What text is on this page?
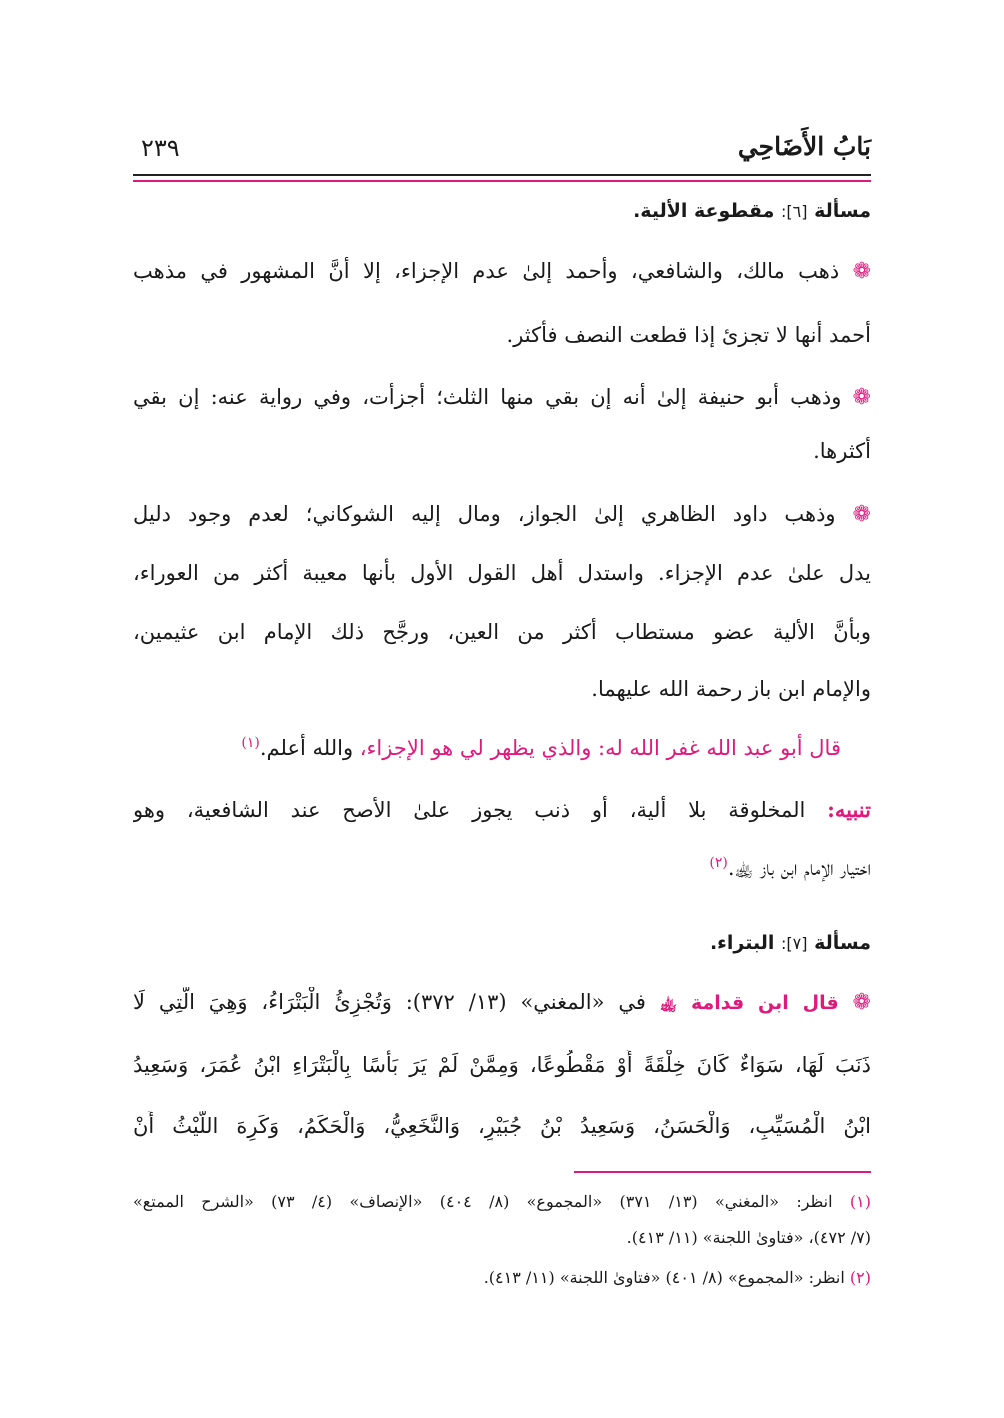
بَابُ الأَضَاحِي
٢٣٩
مسألة [٦]: مقطوعة الألية.
❁ ذهب مالك، والشافعي، وأحمد إلىٰ عدم الإجزاء، إلا أنَّ المشهور في مذهب
أحمد أنها لا تجزئ إذا قطعت النصف فأكثر.
❁ وذهب أبو حنيفة إلىٰ أنه إن بقي منها الثلث؛ أجزأت، وفي رواية عنه: إن بقي
أكثرها.
❁ وذهب داود الظاهري إلىٰ الجواز، ومال إليه الشوكاني؛ لعدم وجود دليل
يدل علىٰ عدم الإجزاء. واستدل أهل القول الأول بأنها معيبة أكثر من العوراء،
وبأنَّ الألية عضو مستطاب أكثر من العين، ورجَّح ذلك الإمام ابن عثيمين،
والإمام ابن باز رحمة الله عليهما.
قال أبو عبد الله غفر الله له: والذي يظهر لي هو الإجزاء، والله أعلم.$^{(١)}$
تنبيه: المخلوقة بلا ألية، أو ذنب يجوز علىٰ الأصح عند الشافعية، وهو
اختيار الإمام ابن باز ﵀.$^{(٢)}$
مسألة [٧]: البتراء.
❁ قال ابن قدامة ﵀ في «المغني» (١٣/ ٣٧٢): وَتُجْزِئُ الْبَتْرَاءُ، وَهِيَ الَّتِي لَا
ذَنَبَ لَهَا، سَوَاءٌ كَانَ خِلْقَةً أَوْ مَقْطُوعًا، وَمِمَّنْ لَمْ يَرَ بَأْسًا بِالْبَتْرَاءِ ابْنُ عُمَرَ، وَسَعِيدُ
ابْنُ الْمُسَيِّبِ، وَالْحَسَنُ، وَسَعِيدُ بْنُ جُبَيْرٍ، وَالنَّخَعِيُّ، وَالْحَكَمُ، وَكَرِهَ اللَّيْثُ أَنْ
(١) انظر: «المغني» (١٣/ ٣٧١) «المجموع» (٨/ ٤٠٤) «الإنصاف» (٤/ ٧٣) «الشرح الممتع»
(٧/ ٤٧٢)، «فتاوىٰ اللجنة» (١١/ ٤١٣).
(٢) انظر: «المجموع» (٨/ ٤٠١) «فتاوىٰ اللجنة» (١١/ ٤١٣).
